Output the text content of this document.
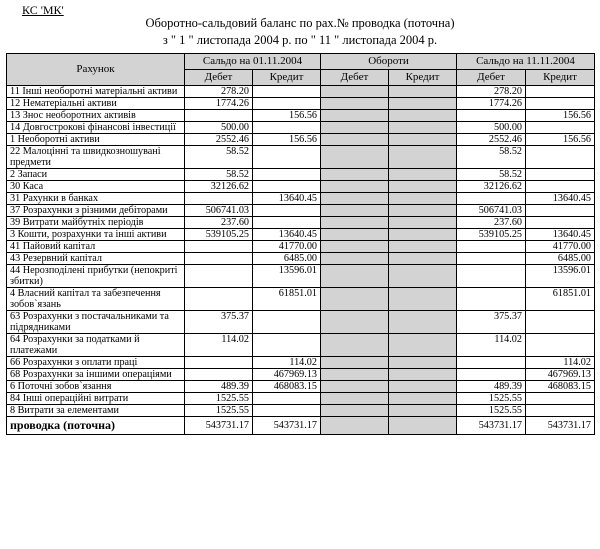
КС 'МК'
Оборотно-сальдовий баланс по рах.№ проводка (поточна)
з " 1 " листопада 2004 р. по " 11 " листопада 2004 р.
Рахунок	Сальдо на 01.11.2004		Обороти		Сальдо на 11.11.2004	
	Дебет	Кредит	Дебет	Кредит	Дебет	Кредит
11 Інші необоротні матеріальні активи	278.20				278.20	
12 Нематеріальні активи	1774.26				1774.26	
13 Знос необоротних активів		156.56				156.56
14 Довгострокові фінансові інвестиції	500.00				500.00	
1 Необоротні активи	2552.46	156.56			2552.46	156.56
22 Малоцінні та швидкозношувані предмети	58.52				58.52	
2 Запаси	58.52				58.52	
30 Каса	32126.62				32126.62	
31 Рахунки в банках		13640.45				13640.45
37 Розрахунки з різними дебіторами	506741.03				506741.03	
39 Витрати майбутніх періодів	237.60				237.60	
3 Кошти, розрахунки та інші активи	539105.25	13640.45			539105.25	13640.45
41 Пайовий капітал		41770.00				41770.00
43 Резервний капітал		6485.00				6485.00
44 Нерозподілені прибутки (непокриті збитки)		13596.01				13596.01
4 Власний капітал та забезпечення зобов`язань		61851.01				61851.01
63 Розрахунки з постачальниками та підрядниками	375.37				375.37	
64 Розрахунки за податками й платежами	114.02				114.02	
66 Розрахунки з оплати праці		114.02				114.02
68 Розрахунки за іншими операціями		467969.13				467969.13
6 Поточні зобов`язання	489.39	468083.15			489.39	468083.15
84 Інші операційні витрати	1525.55				1525.55	
8 Витрати за елементами	1525.55				1525.55	
проводка (поточна)	543731.17	543731.17			543731.17	543731.17
